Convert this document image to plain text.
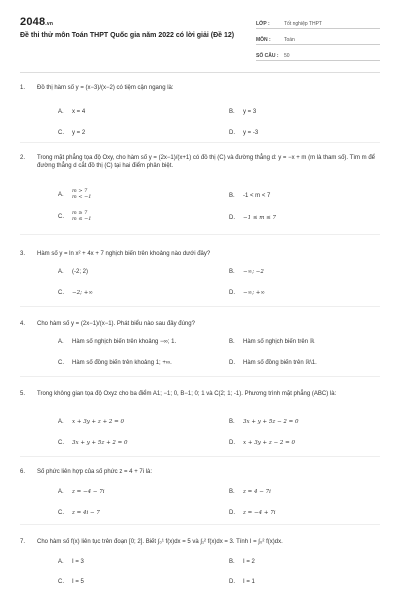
2048.vn
Đề thi thử môn Toán THPT Quốc gia năm 2022 có lời giải (Đề 12)
LỚP :	Tốt nghiệp THPT
MÔN :	Toán
SỐ CÂU :	50
1. Đồ thị hàm số y = (x−3)/(x−2) có tiệm cận ngang là:
A. x = 4	B. y = 3
C. y = 2	D. y = -3
2. Trong mặt phẳng tọa độ Oxy, cho hàm số y = (2x−1)/(x+1) có đồ thị (C) và đường thẳng d: y = −x + m (m là tham số). Tìm m để đường thẳng d cắt đồ thị (C) tại hai điểm phân biệt.
A.m > 7
m < −1	B. -1 < m < 7
C.m ≥ 7
m ≤ −1	D. −1 ≤ m ≤ 7
3. Hàm số y = ln x² + 4x + 7 nghịch biến trên khoảng nào dưới đây?
A. (-2; 2)	B. −∞; −2
C. −2; +∞	D. −∞; +∞
4. Cho hàm số y = (2x−1)/(x−1). Phát biểu nào sau đây đúng?
A. Hàm số nghịch biến trên khoảng −∞; 1.	B. Hàm số nghịch biến trên ℝ
C. Hàm số đồng biến trên khoảng 1; +∞.	D. Hàm số đồng biến trên ℝ\1.
5. Trong không gian tọa độ Oxyz cho ba điểm A1; −1; 0, B−1; 0; 1 và C(2; 1; -1). Phương trình mặt phẳng (ABC) là:
A. x + 3y + z + 2 = 0	B. 3x + y + 5z − 2 = 0
C. 3x + y + 5z + 2 = 0	D. x + 3y + z − 2 = 0
6. Số phức liên hợp của số phức z = 4 + 7i là:
A. z = −4 − 7i	B. z = 4 − 7i
C. z = 4i − 7	D. z = −4 + 7i
7. Cho hàm số f(x) liên tục trên đoạn [0; 2]. Biết ∫₀¹ f(x)dx = 5 và ∫₁² f(x)dx = 3. Tính I = ∫₀² f(x)dx.
A. I = 3	B. I = 2
C. I = 5	D. I = 1
